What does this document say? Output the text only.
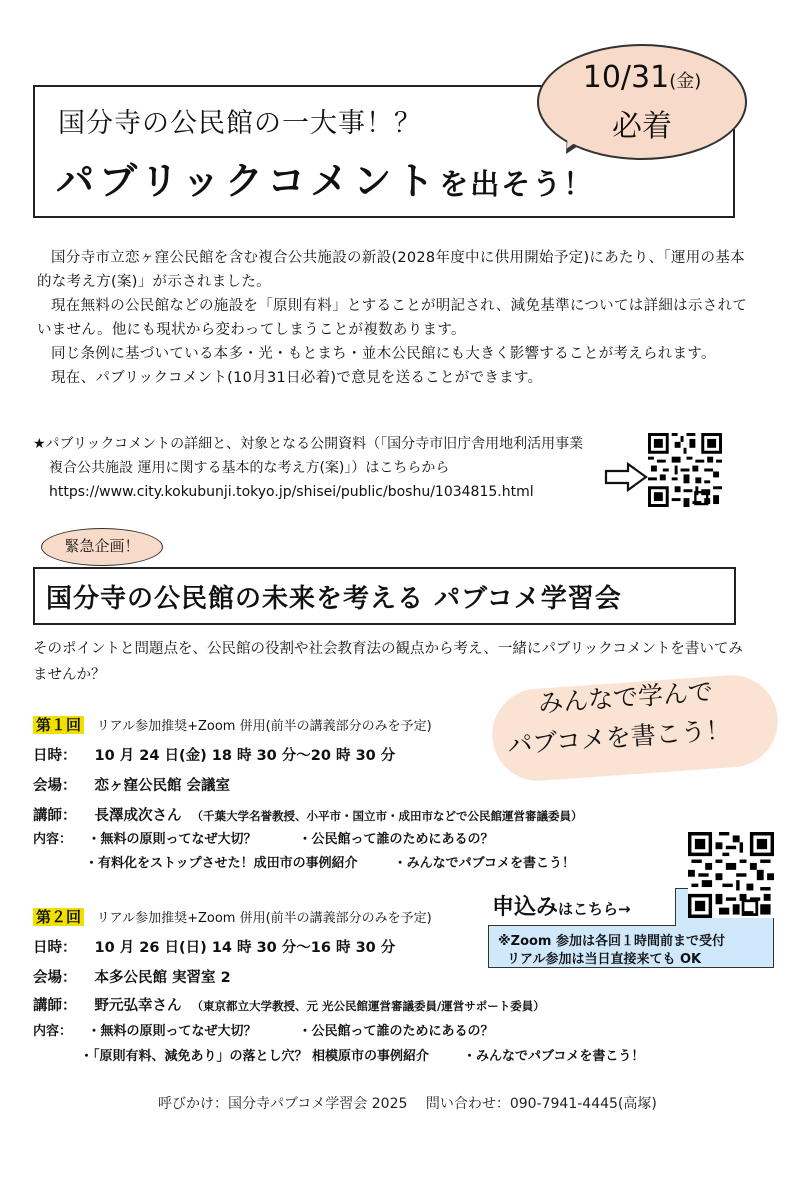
国分寺の公民館の一大事！？
パブリックコメントを出そう！
10/31(金)
必着

国分寺市立恋ヶ窪公民館を含む複合公共施設の新設(2028年度中に供用開始予定)にあたり、「運用の基本的な考え方(案)」が示されました。

現在無料の公民館などの施設を「原則有料」とすることが明記され、減免基準については詳細は示されていません。他にも現状から変わってしまうことが複数あります。

同じ条例に基づいている本多・光・もとまち・並木公民館にも大きく影響することが考えられます。

現在、パブリックコメント(10月31日必着)で意見を送ることができます。

★パブリックコメントの詳細と、対象となる公開資料（「国分寺市旧庁舎用地利活用事業
複合公共施設 運用に関する基本的な考え方(案)」）はこちらから
https://www.city.kokubunji.tokyo.jp/shisei/public/boshu/1034815.html
緊急企画！
国分寺の公民館の未来を考える パブコメ学習会
そのポイントと問題点を、公民館の役割や社会教育法の観点から考え、一緒にパブリックコメントを書いてみませんか？
みんなで学んで
パブコメを書こう！
第１回 リアル参加推奨+Zoom 併用(前半の講義部分のみを予定)
日時： 10 月 24 日(金) 18 時 30 分～20 時 30 分
会場： 恋ヶ窪公民館 会議室
講師： 長澤成次さん （千葉大学名誉教授、小平市・国立市・成田市などで公民館運営審議委員）
内容： ・無料の原則ってなぜ大切？	・公民館って誰のためにあるの？
・有料化をストップさせた！成田市の事例紹介	・みんなでパブコメを書こう！
第２回 リアル参加推奨+Zoom 併用(前半の講義部分のみを予定)
日時： 10 月 26 日(日) 14 時 30 分～16 時 30 分
会場： 本多公民館 実習室 2
講師： 野元弘幸さん （東京都立大学教授、元 光公民館運営審議委員/運営サポート委員）
内容： ・無料の原則ってなぜ大切？	・公民館って誰のためにあるの？
・「原則有料、減免あり」の落とし穴？ 相模原市の事例紹介	・みんなでパブコメを書こう！
申込みはこちら→
※Zoom 参加は各回１時間前まで受付
リアル参加は当日直接来ても OK
呼びかけ：国分寺パブコメ学習会 2025　 問い合わせ：090-7941-4445(高塚)
